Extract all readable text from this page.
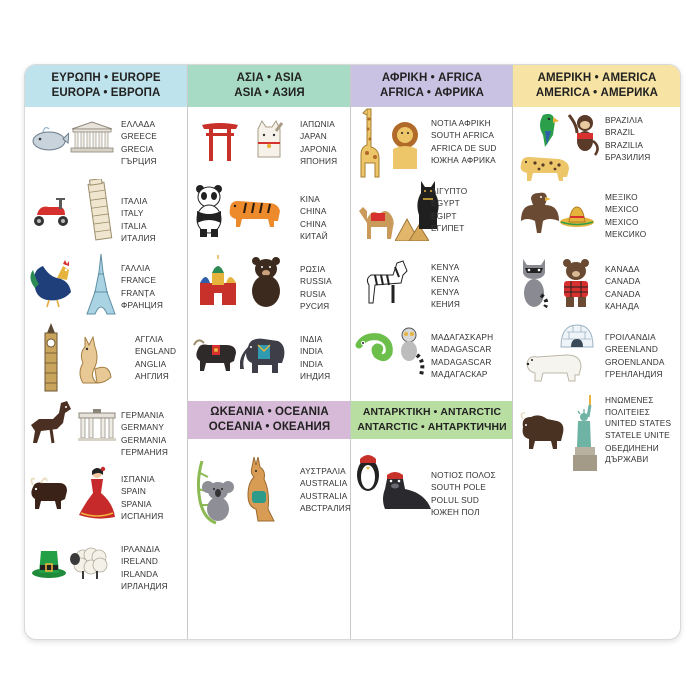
ΕΥΡΩΠΗ • EUROPE
EUROPA • ЕВРОПА
ΕΛΛΑΔΑ
GREECE
GRECIA
ГЪРЦИЯ
ΙΤΑΛΙΑ
ITALY
ITALIA
ИТАЛИЯ
ΓΑΛΛΙΑ
FRANCE
FRANȚA
ФРАНЦИЯ
ΑΓΓΛΙΑ
ENGLAND
ANGLIA
АНГЛИЯ
ΓΕΡΜΑΝΙΑ
GERMANY
GERMANIA
ГЕРМАНИЯ
ΙΣΠΑΝΙΑ
SPAIN
SPANIA
ИСПАНИЯ
ΙΡΛΑΝΔΙΑ
IRELAND
IRLANDA
ИРЛАНДИЯ
ΑΣΙΑ • ASIA
ASIA • АЗИЯ
ΙΑΠΩΝΙΑ
JAPAN
JAPONIA
ЯПОНИЯ
ΚΙΝΑ
CHINA
CHINA
КИТАЙ
ΡΩΣΙΑ
RUSSIA
RUSIA
РУСИЯ
ΙΝΔΙΑ
INDIA
INDIA
ИНДИЯ
ΩΚΕΑΝΙΑ • OCEANIA
OCEANIA • ОКЕАНИЯ
ΑΥΣΤΡΑΛΙΑ
AUSTRALIA
AUSTRALIA
АВСТРАЛИЯ
ΑΦΡΙΚΗ • AFRICA
AFRICA • АФРИКА
ΝΟΤΙΑ ΑΦΡΙΚΗ
SOUTH AFRICA
AFRICA DE SUD
ЮЖНА АФРИКА
ΑΙΓΥΠΤΟ
EGYPT
EGIPT
ЕГИПЕТ
ΚΕΝΥΑ
KENYA
KENYA
КЕНИЯ
ΜΑΔΑΓΑΣΚΑΡΗ
MADAGASCAR
MADAGASCAR
МАДАГАСКАР
ΑΝΤΑΡΚΤΙΚΗ • ANTARCTIC
ANTARCTIC • АНТАРКТИЧНИ
ΝΟΤΙΟΣ ΠΟΛΟΣ
SOUTH POLE
POLUL SUD
ЮЖЕН ПОЛ
ΑΜΕΡΙΚΗ • AMERICA
AMERICA • АМЕРИКА
ΒΡΑΖΙΛΙΑ
BRAZIL
BRAZILIA
БРАЗИЛИЯ
ΜΕΞΙΚΟ
MEXICO
MEXICO
МЕКСИКО
ΚΑΝΑΔΑ
CANADA
CANADA
КАНАДА
ΓΡΟΙΛΑΝΔΙΑ
GREENLAND
GROENLANDA
ГРЕНЛАНДИЯ
ΗΝΩΜΕΝΕΣ ΠΟΛΙΤΕΙΕΣ
UNITED STATES
STATELE UNITE
ОБЕДИНЕНИ ДЪРЖАВИ
